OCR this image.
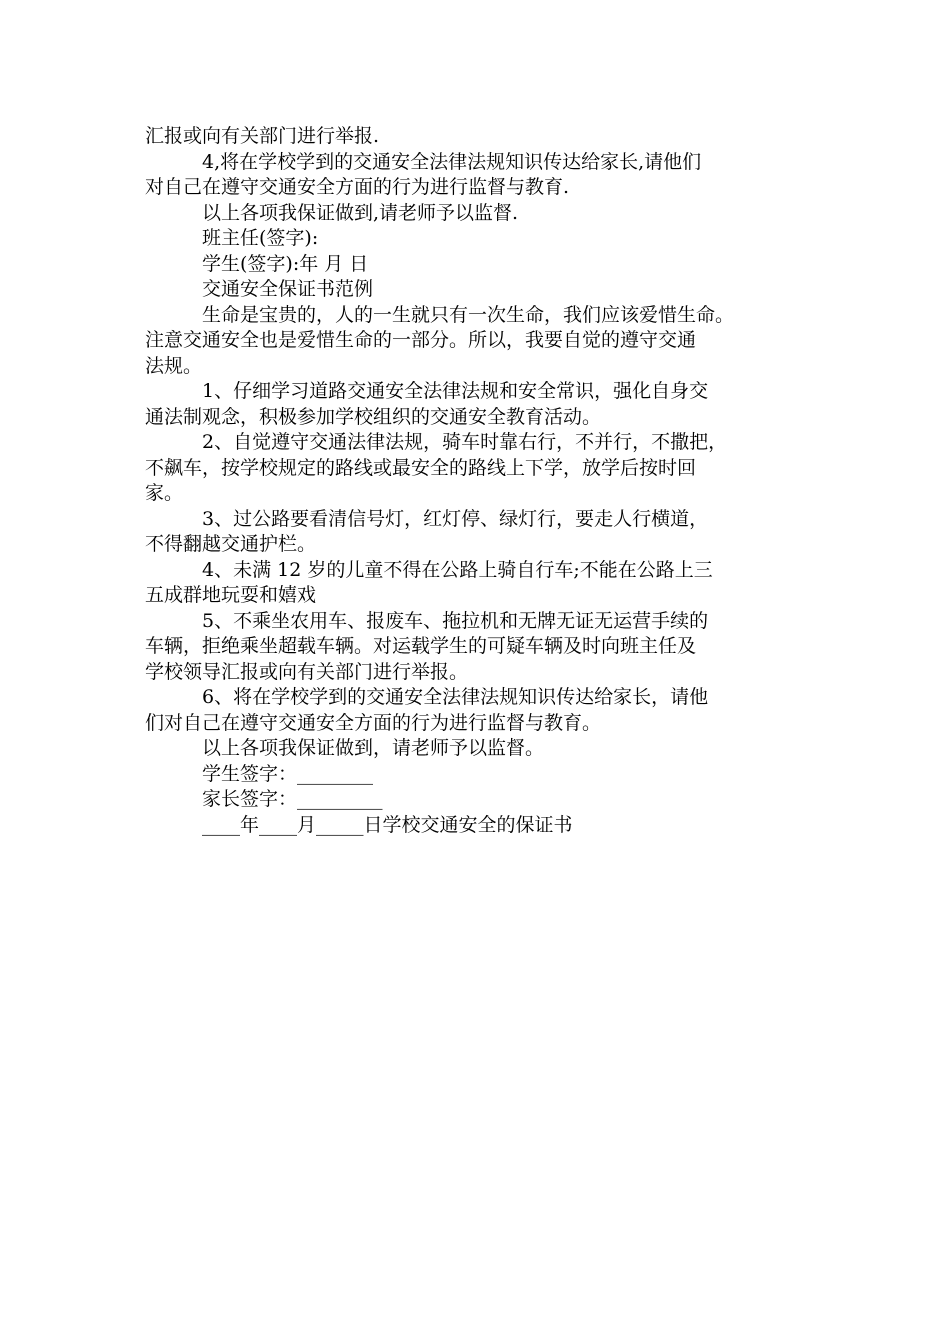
汇报或向有关部门进行举报.
4,将在学校学到的交通安全法律法规知识传达给家长,请他们
对自己在遵守交通安全方面的行为进行监督与教育.
以上各项我保证做到,请老师予以监督.
班主任(签字):
学生(签字):年 月 日
交通安全保证书范例
生命是宝贵的，人的一生就只有一次生命，我们应该爱惜生命。
注意交通安全也是爱惜生命的一部分。所以，我要自觉的遵守交通
法规。
1、仔细学习道路交通安全法律法规和安全常识，强化自身交
通法制观念，积极参加学校组织的交通安全教育活动。
2、自觉遵守交通法律法规，骑车时靠右行，不并行，不撒把，
不飙车，按学校规定的路线或最安全的路线上下学，放学后按时回
家。
3、过公路要看清信号灯，红灯停、绿灯行，要走人行横道，
不得翻越交通护栏。
4、未满 12 岁的儿童不得在公路上骑自行车;不能在公路上三
五成群地玩耍和嬉戏
5、不乘坐农用车、报废车、拖拉机和无牌无证无运营手续的
车辆，拒绝乘坐超载车辆。对运载学生的可疑车辆及时向班主任及
学校领导汇报或向有关部门进行举报。
6、将在学校学到的交通安全法律法规知识传达给家长，请他
们对自己在遵守交通安全方面的行为进行监督与教育。
以上各项我保证做到，请老师予以监督。
学生签字：________
家长签字：_________
____年____月_____日学校交通安全的保证书
